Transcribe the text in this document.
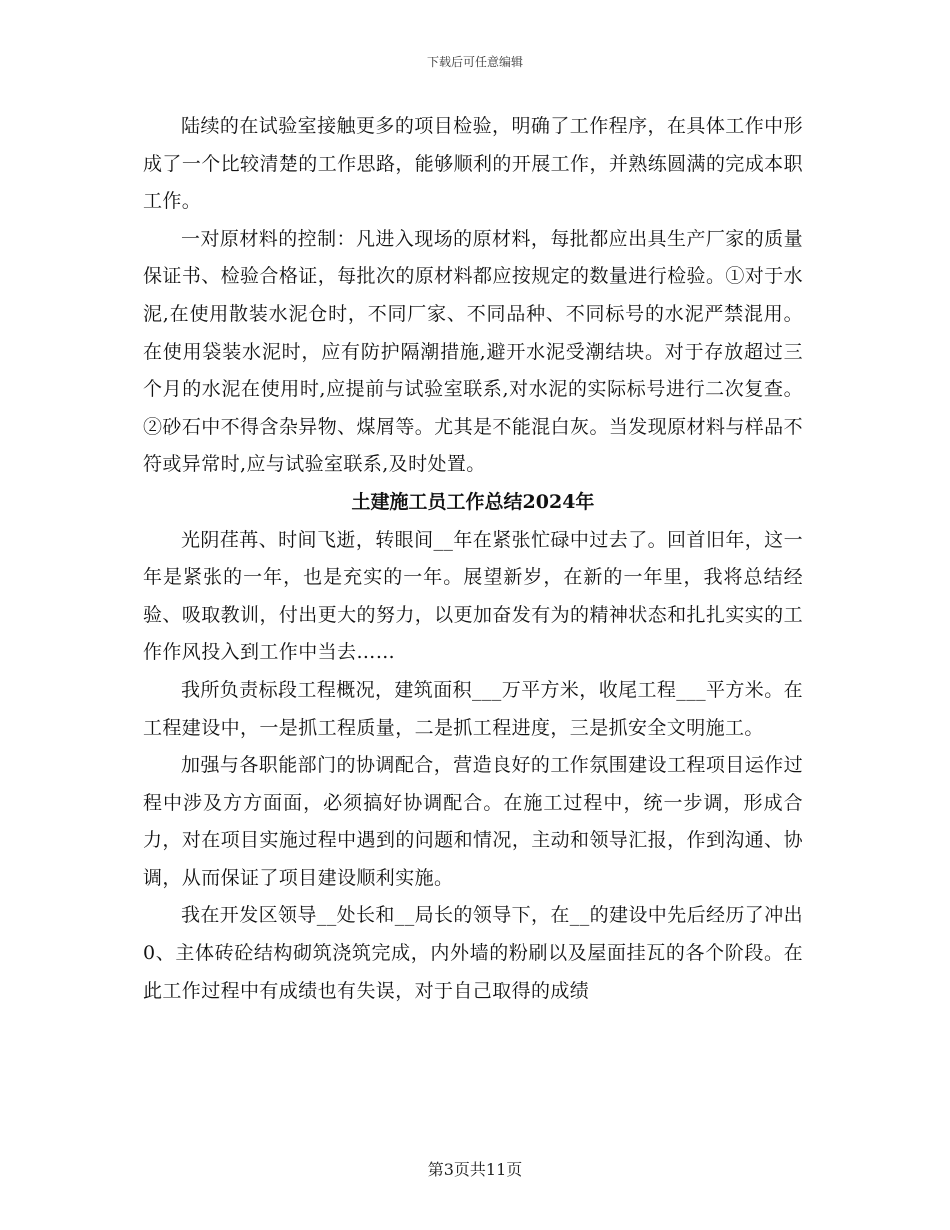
下载后可任意编辑

陆续的在试验室接触更多的项目检验，明确了工作程序，在具体工作中形成了一个比较清楚的工作思路，能够顺利的开展工作，并熟练圆满的完成本职工作。

一对原材料的控制：凡进入现场的原材料，每批都应出具生产厂家的质量保证书、检验合格证，每批次的原材料都应按规定的数量进行检验。①对于水泥,在使用散装水泥仓时，不同厂家、不同品种、不同标号的水泥严禁混用。在使用袋装水泥时，应有防护隔潮措施,避开水泥受潮结块。对于存放超过三个月的水泥在使用时,应提前与试验室联系,对水泥的实际标号进行二次复查。②砂石中不得含杂异物、煤屑等。尤其是不能混白灰。当发现原材料与样品不符或异常时,应与试验室联系,及时处置。

土建施工员工作总结2024年

光阴荏苒、时间飞逝，转眼间__年在紧张忙碌中过去了。回首旧年，这一年是紧张的一年，也是充实的一年。展望新岁，在新的一年里，我将总结经验、吸取教训，付出更大的努力，以更加奋发有为的精神状态和扎扎实实的工作作风投入到工作中当去……

我所负责标段工程概况，建筑面积___万平方米，收尾工程___平方米。在工程建设中，一是抓工程质量，二是抓工程进度，三是抓安全文明施工。

加强与各职能部门的协调配合，营造良好的工作氛围建设工程项目运作过程中涉及方方面面，必须搞好协调配合。在施工过程中，统一步调，形成合力，对在项目实施过程中遇到的问题和情况，主动和领导汇报，作到沟通、协调，从而保证了项目建设顺利实施。

我在开发区领导__处长和__局长的领导下，在__的建设中先后经历了冲出0、主体砖砼结构砌筑浇筑完成，内外墙的粉刷以及屋面挂瓦的各个阶段。在此工作过程中有成绩也有失误，对于自己取得的成绩

第3页共11页
